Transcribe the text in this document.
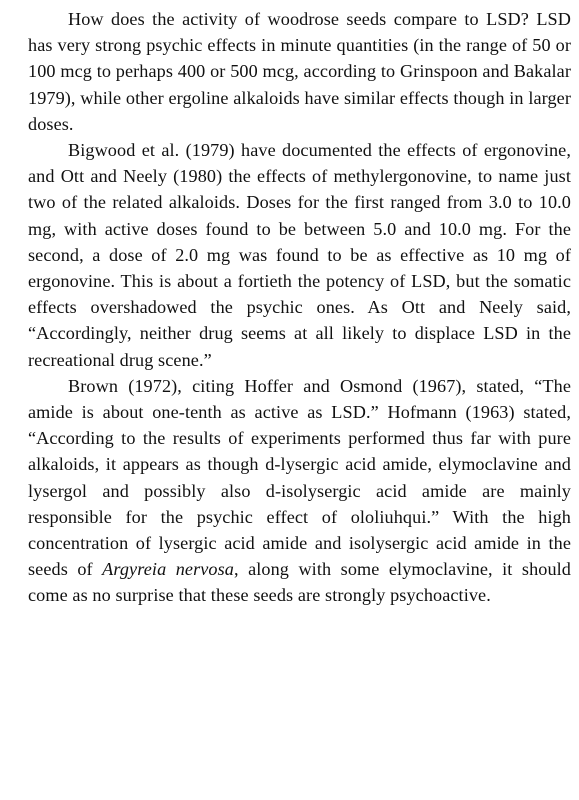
How does the activity of woodrose seeds compare to LSD? LSD has very strong psychic effects in minute quantities (in the range of 50 or 100 mcg to perhaps 400 or 500 mcg, according to Grinspoon and Bakalar 1979), while other ergoline alkaloids have similar effects though in larger doses.

Bigwood et al. (1979) have documented the effects of ergonovine, and Ott and Neely (1980) the effects of methylergonovine, to name just two of the related alkaloids. Doses for the first ranged from 3.0 to 10.0 mg, with active doses found to be between 5.0 and 10.0 mg. For the second, a dose of 2.0 mg was found to be as effective as 10 mg of ergonovine. This is about a fortieth the potency of LSD, but the somatic effects overshadowed the psychic ones. As Ott and Neely said, “Accordingly, neither drug seems at all likely to displace LSD in the recreational drug scene.”

Brown (1972), citing Hoffer and Osmond (1967), stated, “The amide is about one-tenth as active as LSD.” Hofmann (1963) stated, “According to the results of experiments performed thus far with pure alkaloids, it appears as though d-lysergic acid amide, elymoclavine and lysergol and possibly also d-isolysergic acid amide are mainly responsible for the psychic effect of ololiuhqui.” With the high concentration of lysergic acid amide and isolysergic acid amide in the seeds of Argyreia nervosa, along with some elymoclavine, it should come as no surprise that these seeds are strongly psychoactive.
